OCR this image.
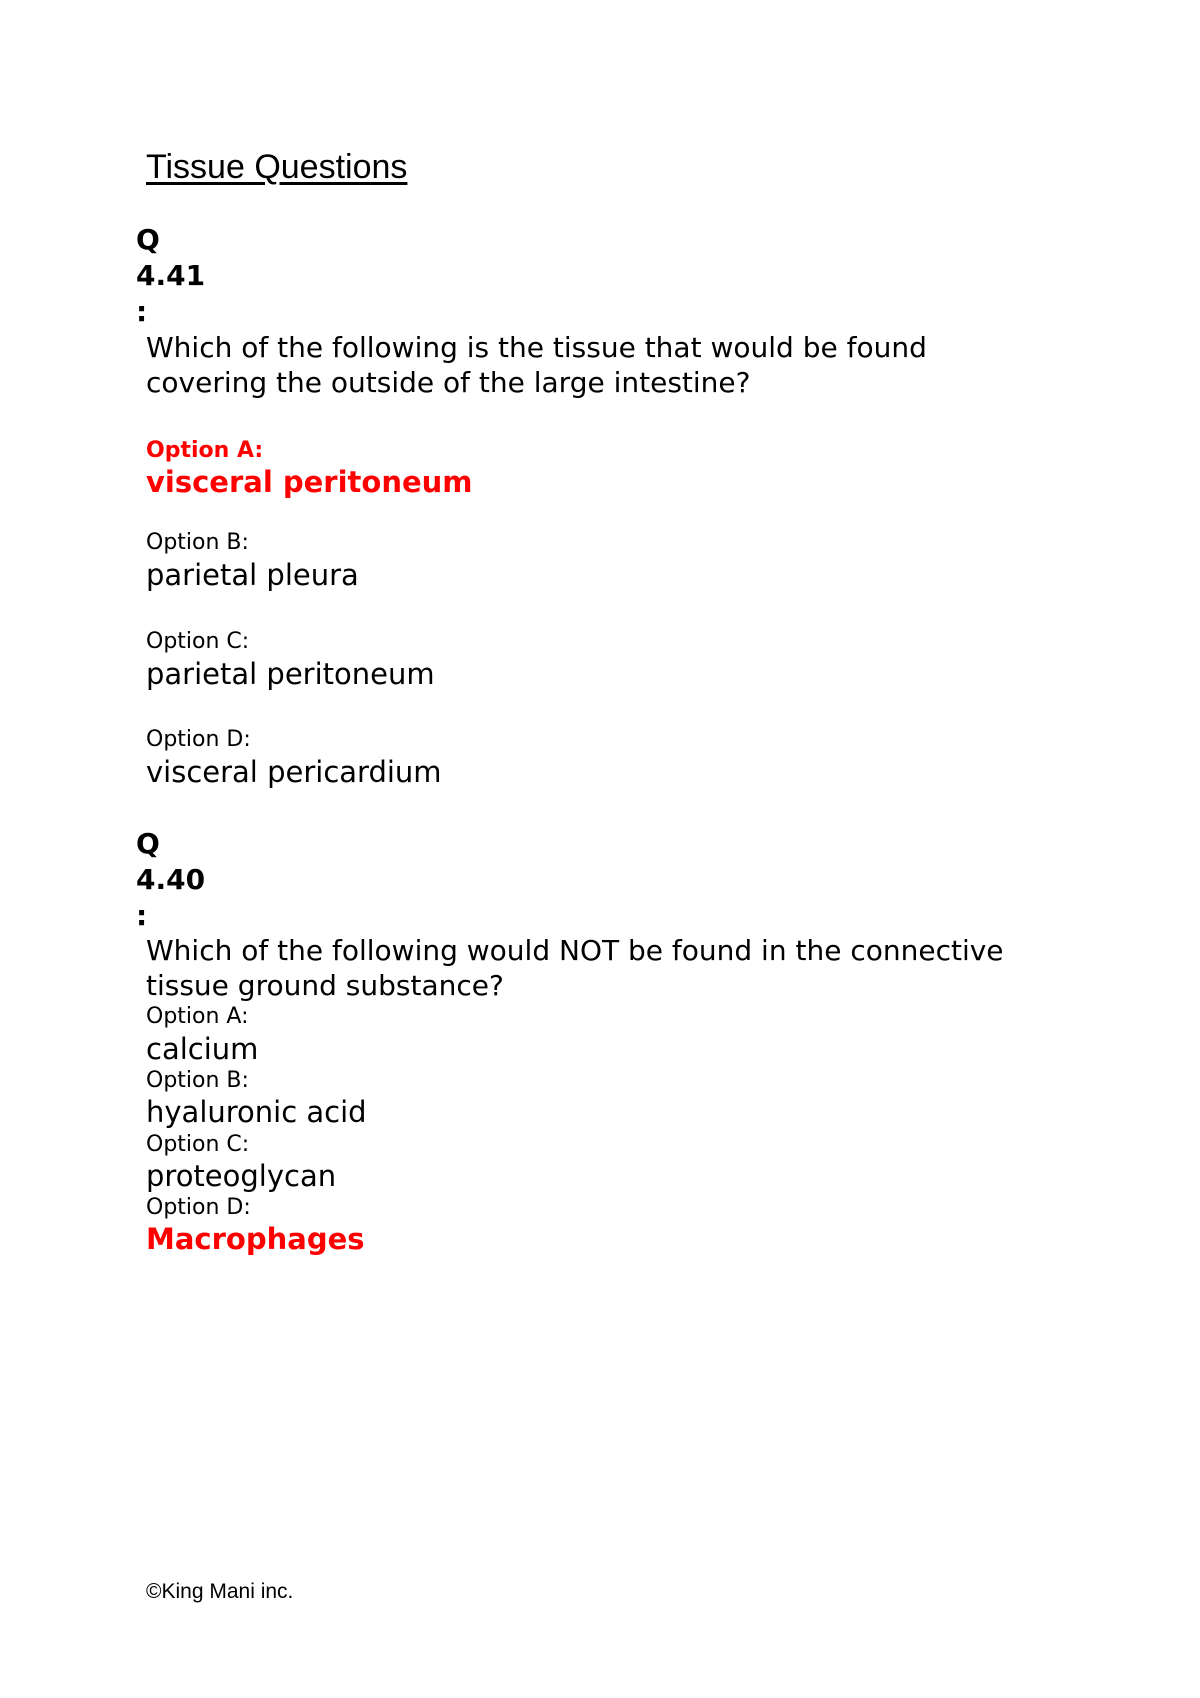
Tissue Questions
Q
4.41
:
Which of the following is the tissue that would be found covering the outside of the large intestine?
Option A:
visceral peritoneum
Option B:
parietal pleura
Option C:
parietal peritoneum
Option D:
visceral pericardium
Q
4.40
:
Which of the following would NOT be found in the connective tissue ground substance?
Option A:
calcium
Option B:
hyaluronic acid
Option C:
proteoglycan
Option D:
Macrophages
©King Mani inc.
